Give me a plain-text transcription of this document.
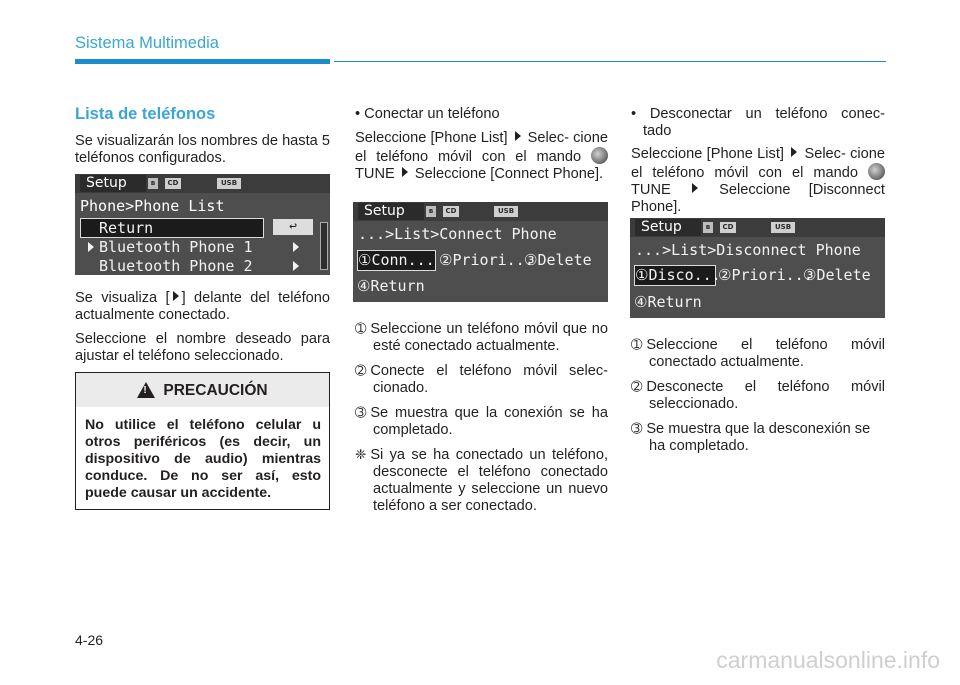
Sistema Multimedia
Lista de teléfonos

Se visualizarán los nombres de hasta 5 teléfonos configurados.

Setup	ʙ	CD	USB
Phone>Phone List
Return	↩
Bluetooth Phone 1
Bluetooth Phone 2

Se visualiza [ ] delante del teléfono actualmente conectado.

Seleccione el nombre deseado para ajustar el teléfono seleccionado.

!PRECAUCIÓN
No utilice el teléfono celular u otros periféricos (es decir, un dispositivo de audio) mientras conduce. De no ser así, esto puede causar un accidente.

• Conectar un teléfono

Seleccione [Phone List] Selec- cione el teléfono móvil con el mando  TUNE Seleccione [Connect Phone].

Setup	ʙ	CD	USB
...>List>Connect Phone
①Conn... ②Priori...
③Delete
④Return

➀ Seleccione un teléfono móvil que no esté conectado actualmente.

➁ Conecte el teléfono móvil selec- cionado.

➂ Se muestra que la conexión se ha completado.

❈ Si ya se ha conectado un teléfono, desconecte el teléfono conectado actualmente y seleccione un nuevo teléfono a ser conectado.

• Desconectar un teléfono conec-
tado

Seleccione [Phone List] Selec- cione el teléfono móvil con el mando  TUNE	Seleccione [Disconnect Phone].

Setup	ʙ	CD	USB
...>List>Disconnect Phone
①Disco...
②Priori...
③Delete
④Return

➀ Seleccione el teléfono móvil conectado actualmente.

➁ Desconecte el teléfono móvil seleccionado.

➂ Se muestra que la desconexión se ha completado.

4-26
carmanualsonline.info
